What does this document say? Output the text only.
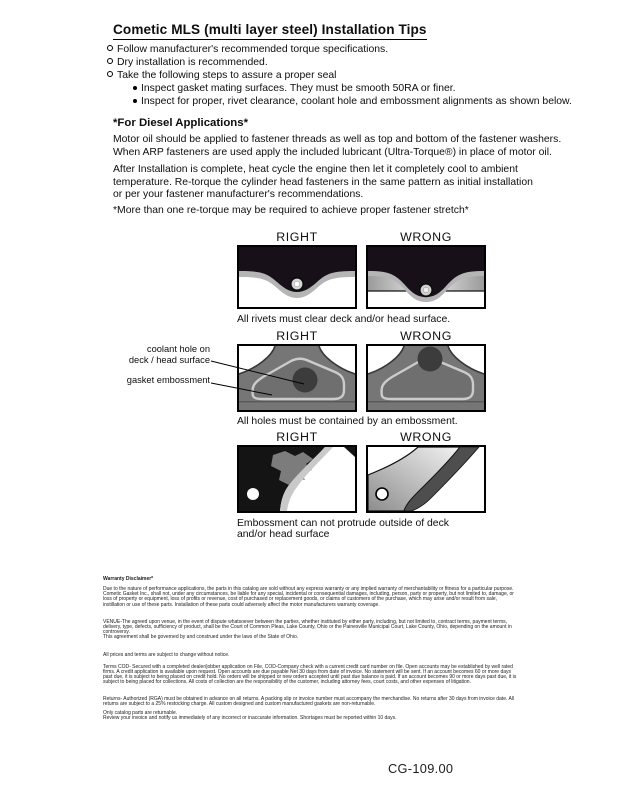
Cometic MLS (multi layer steel) Installation Tips
Follow manufacturer's recommended torque specifications.
Dry installation is recommended.
Take the following steps to assure a proper seal
Inspect gasket mating surfaces. They must be smooth 50RA or finer.
Inspect for proper, rivet clearance, coolant hole and embossment alignments as shown below.
*For Diesel Applications*
Motor oil should be applied to fastener threads as well as top and bottom of the fastener washers.
When ARP fasteners are used apply the included lubricant (Ultra-Torque®) in place of motor oil.
After Installation is complete, heat cycle the engine then let it completely cool to ambient
temperature. Re-torque the cylinder head fasteners in the same pattern as initial installation
or per your fastener manufacturer's recommendations.
*More than one re-torque may be required to achieve proper fastener stretch*
RIGHT	WRONG
All rivets must clear deck and/or head surface.
RIGHT	WRONG
coolant hole on
deck / head surface
gasket embossment
All holes must be contained by an embossment.
RIGHT	WRONG
Embossment can not protrude outside of deck
and/or head surface
Warranty Disclaimer*
Due to the nature of performance applications, the parts in this catalog are sold without any express warranty or any implied warranty of merchantability or fitness for a particular purpose. Cometic Gasket Inc., shall not, under any circumstances, be liable for any special, incidental or consequential damages, including, person, party or property, but not limited to, damage, or loss of property or equipment, loss of profits or revenue, cost of purchased or replacement goods, or claims of customers of the purchase, which may arise and/or result from sale, instillation or use of these parts. Installation of these parts could adversely affect the motor manufacturers warranty coverage.
VENUE-The agreed upon venue, in the event of dispute whatsoever between the parties, whether instituted by either party, including, but not limited to, contract terms, payment terms, delivery, type, defects, sufficiency of product, shall be the Court of Common Pleas, Lake County, Ohio or the Painesville Municipal Court, Lake County, Ohio, depending on the amount in controversy.
This agreement shall be governed by and construed under the laws of the State of Ohio.
All prices and terms are subject to change without notice.
Terms COD- Secured with a completed dealer/jobber application on File, COD-Company check with a current credit card number on file. Open accounts may be established by well rated firms. A credit application is available upon request. Open accounts are due payable Net 30 days from date of invoice. No statement will be sent. If an account becomes 60 or more days past due, it is subject to being placed on credit hold. No orders will be shipped or new orders accepted until past due balance is paid. If an account becomes 90 or more days past due, it is subject to being placed for collections. All costs of collection are the responsibility of the customer, including attorney fees, court costs, and other expenses of litigation.
Returns- Authorized (RGA) must be obtained in advance on all returns. A packing slip or invoice number must accompany the merchandise. No returns after 30 days from invoice date. All returns are subject to a 25% restocking charge. All custom designed and custom manufactured gaskets are non-returnable.
Only catalog parts are returnable.
Review your invoice and notify us immediately of any incorrect or inaccurate information. Shortages must be reported within 10 days.
CG-109.00
